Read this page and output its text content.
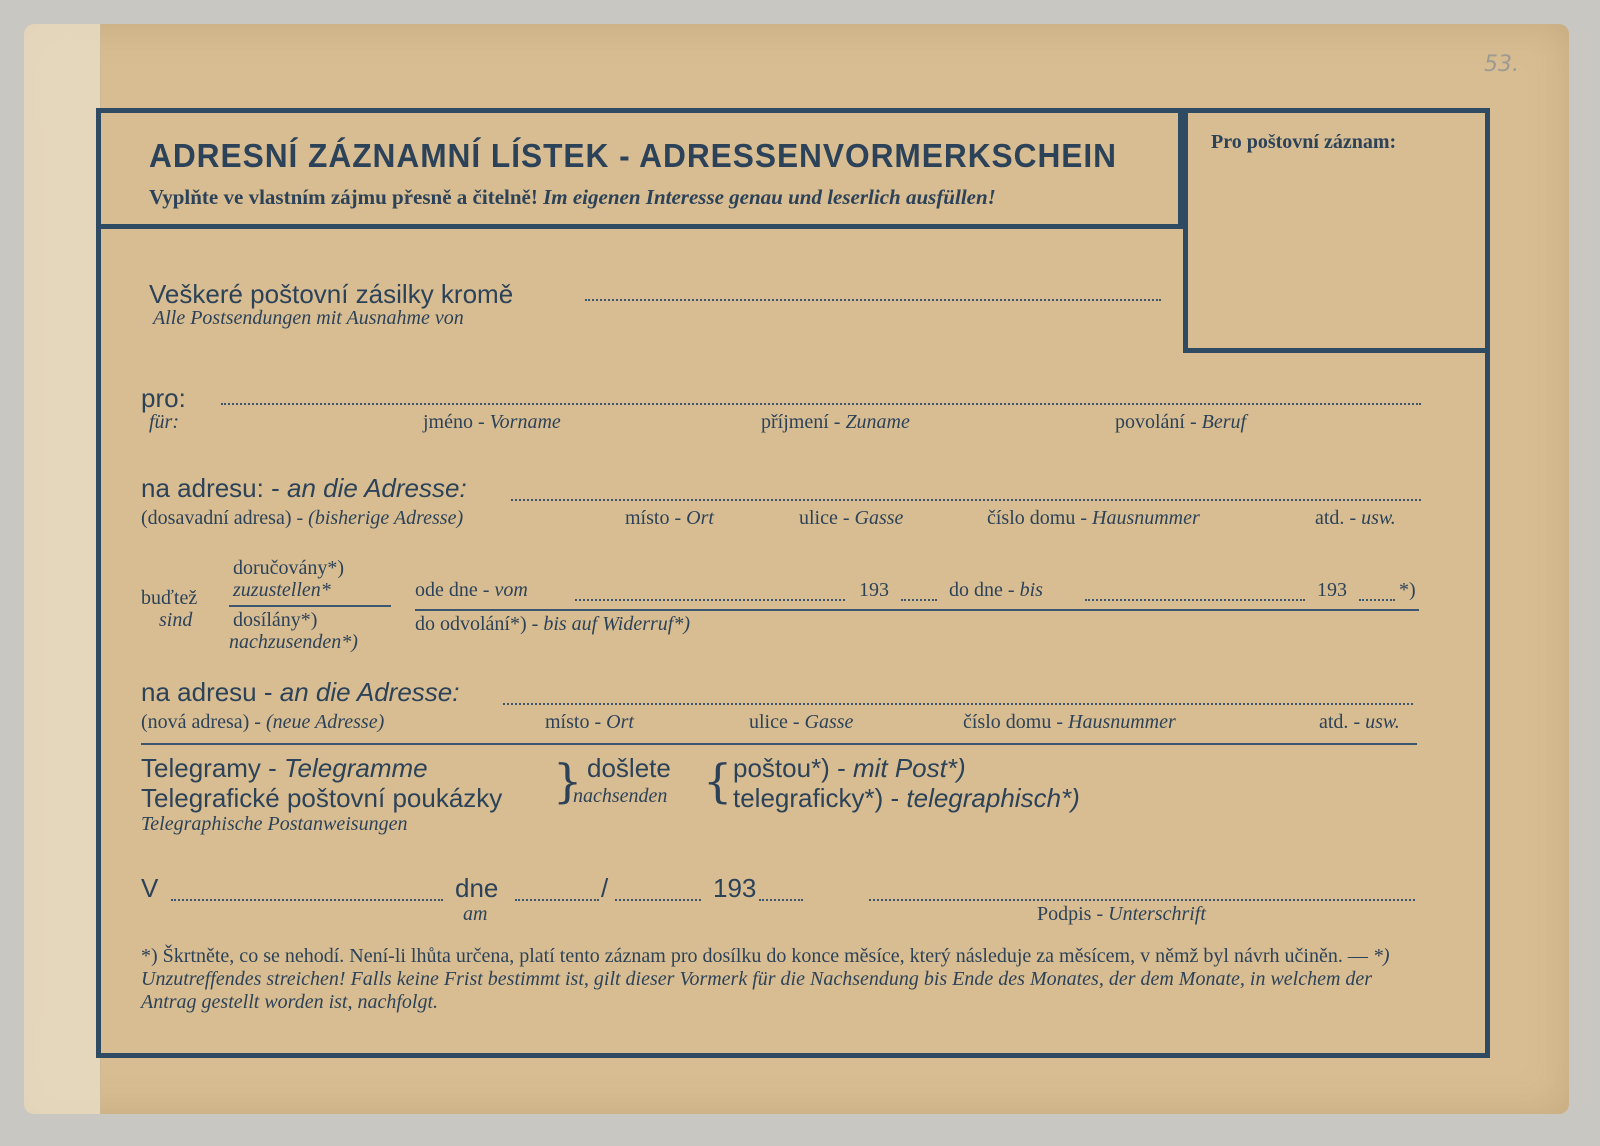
53.
ADRESNÍ ZÁZNAMNÍ LÍSTEK - ADRESSENVORMERKSCHEIN
Vyplňte ve vlastním zájmu přesně a čitelně! Im eigenen Interesse genau und leserlich ausfüllen!
Pro poštovní záznam:
Veškeré poštovní zásilky kromě
Alle Postsendungen mit Ausnahme von
pro:
für:	jméno - Vorname	příjmení - Zuname	povolání - Beruf
na adresu: - an die Adresse:
(dosavadní adresa) - (bisherige Adresse)	místo - Ort	ulice - Gasse	číslo domu - Hausnummer	atd. - usw.
doručovány*)
zuzustellen*
buďtež
sind dosílány*)
nachzusenden*)
ode dne - vom	193	do dne - bis	193	*)
do odvolání*) - bis auf Widerruf*)
na adresu - an die Adresse:
(nová adresa) - (neue Adresse)	místo - Ort	ulice - Gasse	číslo domu - Hausnummer	atd. - usw.
Telegramy - Telegramme
Telegrafické poštovní poukázky
Telegraphische Postanweisungen
} došlete
nachsenden { poštou*) - mit Post*)
telegraficky*) - telegraphisch*)
V	dne
am
/	193
Podpis - Unterschrift
*) Škrtněte, co se nehodí. Není-li lhůta určena, platí tento záznam pro dosílku do konce měsíce, který následuje za měsícem, v němž byl návrh učiněn. — *) Unzutreffendes streichen! Falls keine Frist bestimmt ist, gilt dieser Vormerk für die Nachsendung bis Ende des Monates, der dem Monate, in welchem der Antrag gestellt worden ist, nachfolgt.
